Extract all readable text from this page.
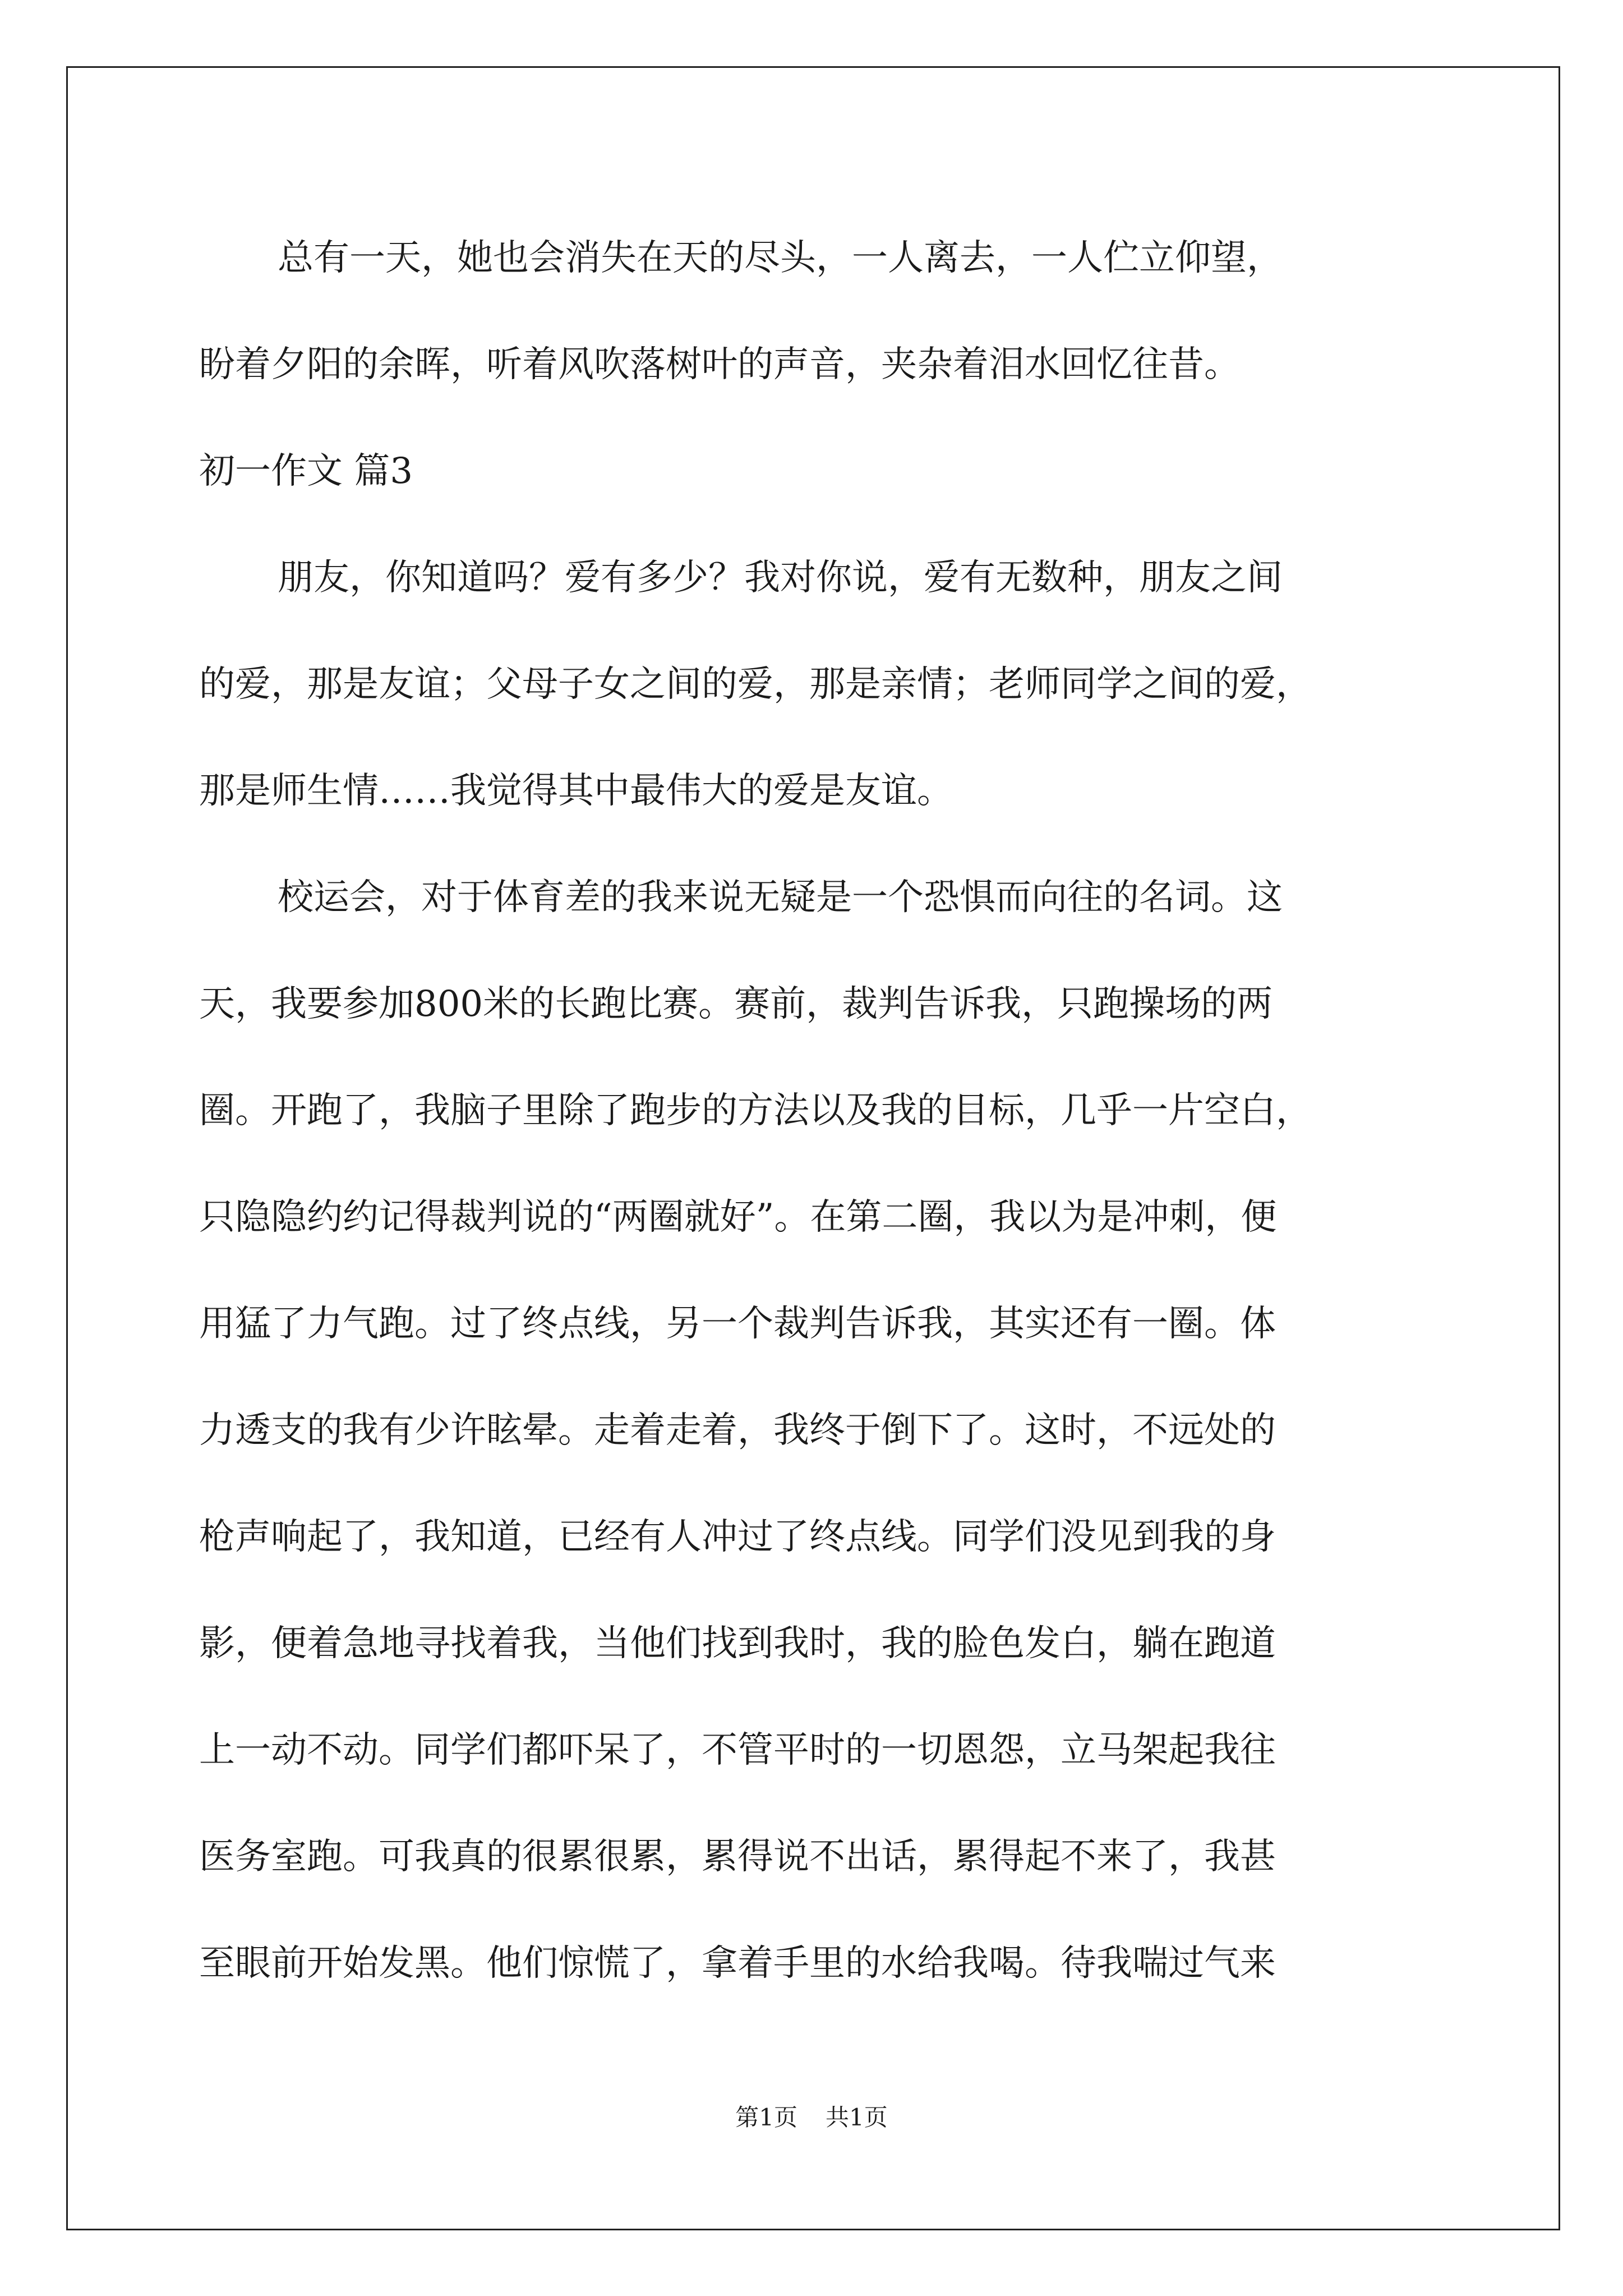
总有一天，她也会消失在天的尽头，一人离去，一人伫立仰望，
盼着夕阳的余晖，听着风吹落树叶的声音，夹杂着泪水回忆往昔。
初一作文 篇3
朋友，你知道吗？爱有多少？我对你说，爱有无数种，朋友之间
的爱，那是友谊；父母子女之间的爱，那是亲情；老师同学之间的爱，
那是师生情……我觉得其中最伟大的爱是友谊。
校运会，对于体育差的我来说无疑是一个恐惧而向往的名词。这
天，我要参加800米的长跑比赛。赛前，裁判告诉我，只跑操场的两
圈。开跑了，我脑子里除了跑步的方法以及我的目标，几乎一片空白，
只隐隐约约记得裁判说的“两圈就好”。在第二圈，我以为是冲刺，便
用猛了力气跑。过了终点线，另一个裁判告诉我，其实还有一圈。体
力透支的我有少许眩晕。走着走着，我终于倒下了。这时，不远处的
枪声响起了，我知道，已经有人冲过了终点线。同学们没见到我的身
影，便着急地寻找着我，当他们找到我时，我的脸色发白，躺在跑道
上一动不动。同学们都吓呆了，不管平时的一切恩怨，立马架起我往
医务室跑。可我真的很累很累，累得说不出话，累得起不来了，我甚
至眼前开始发黑。他们惊慌了，拿着手里的水给我喝。待我喘过气来
第1页 共1页
